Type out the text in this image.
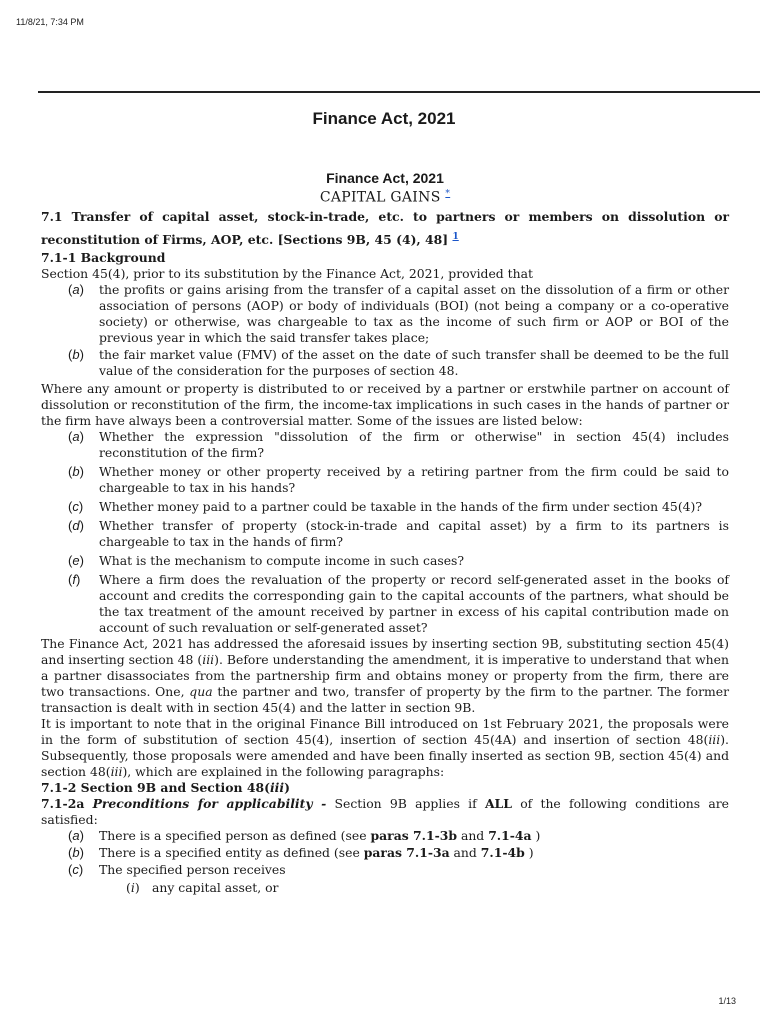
11/8/21, 7:34 PM
Finance Act, 2021

Finance Act, 2021

CAPITAL GAINS *

7.1 Transfer of capital asset, stock-in-trade, etc. to partners or members on dissolution or reconstitution of Firms, AOP, etc. [Sections 9B, 45 (4), 48] $^1$

7.1-1 Background

Section 45(4), prior to its substitution by the Finance Act, 2021, provided that

(a)	the profits or gains arising from the transfer of a capital asset on the dissolution of a firm or other association of persons (AOP) or body of individuals (BOI) (not being a company or a co-operative society) or otherwise, was chargeable to tax as the income of such firm or AOP or BOI of the previous year in which the said transfer takes place;
(b)	the fair market value (FMV) of the asset on the date of such transfer shall be deemed to be the full value of the consideration for the purposes of section 48.

Where any amount or property is distributed to or received by a partner or erstwhile partner on account of dissolution or reconstitution of the firm, the income-tax implications in such cases in the hands of partner or the firm have always been a controversial matter. Some of the issues are listed below:

(a)	Whether the expression "dissolution of the firm or otherwise" in section 45(4) includes reconstitution of the firm?
(b)	Whether money or other property received by a retiring partner from the firm could be said to chargeable to tax in his hands?
(c)	Whether money paid to a partner could be taxable in the hands of the firm under section 45(4)?
(d)	Whether transfer of property (stock-in-trade and capital asset) by a firm to its partners is chargeable to tax in the hands of firm?
(e)	What is the mechanism to compute income in such cases?
(f)	Where a firm does the revaluation of the property or record self-generated asset in the books of account and credits the corresponding gain to the capital accounts of the partners, what should be the tax treatment of the amount received by partner in excess of his capital contribution made on account of such revaluation or self-generated asset?

The Finance Act, 2021 has addressed the aforesaid issues by inserting section 9B, substituting section 45(4) and inserting section 48 (iii). Before understanding the amendment, it is imperative to understand that when a partner disassociates from the partnership firm and obtains money or property from the firm, there are two transactions. One, qua the partner and two, transfer of property by the firm to the partner. The former transaction is dealt with in section 45(4) and the latter in section 9B.

It is important to note that in the original Finance Bill introduced on 1st February 2021, the proposals were in the form of substitution of section 45(4), insertion of section 45(4A) and insertion of section 48(iii). Subsequently, those proposals were amended and have been finally inserted as section 9B, section 45(4) and section 48(iii), which are explained in the following paragraphs:

7.1-2 Section 9B and Section 48(iii)

7.1-2a Preconditions for applicability - Section 9B applies if ALL of the following conditions are satisfied:

(a)	There is a specified person as defined (see paras 7.1-3b and 7.1-4a )
(b)	There is a specified entity as defined (see paras 7.1-3a and 7.1-4b )
(c)	The specified person receives
(i) any capital asset, or
1/13
